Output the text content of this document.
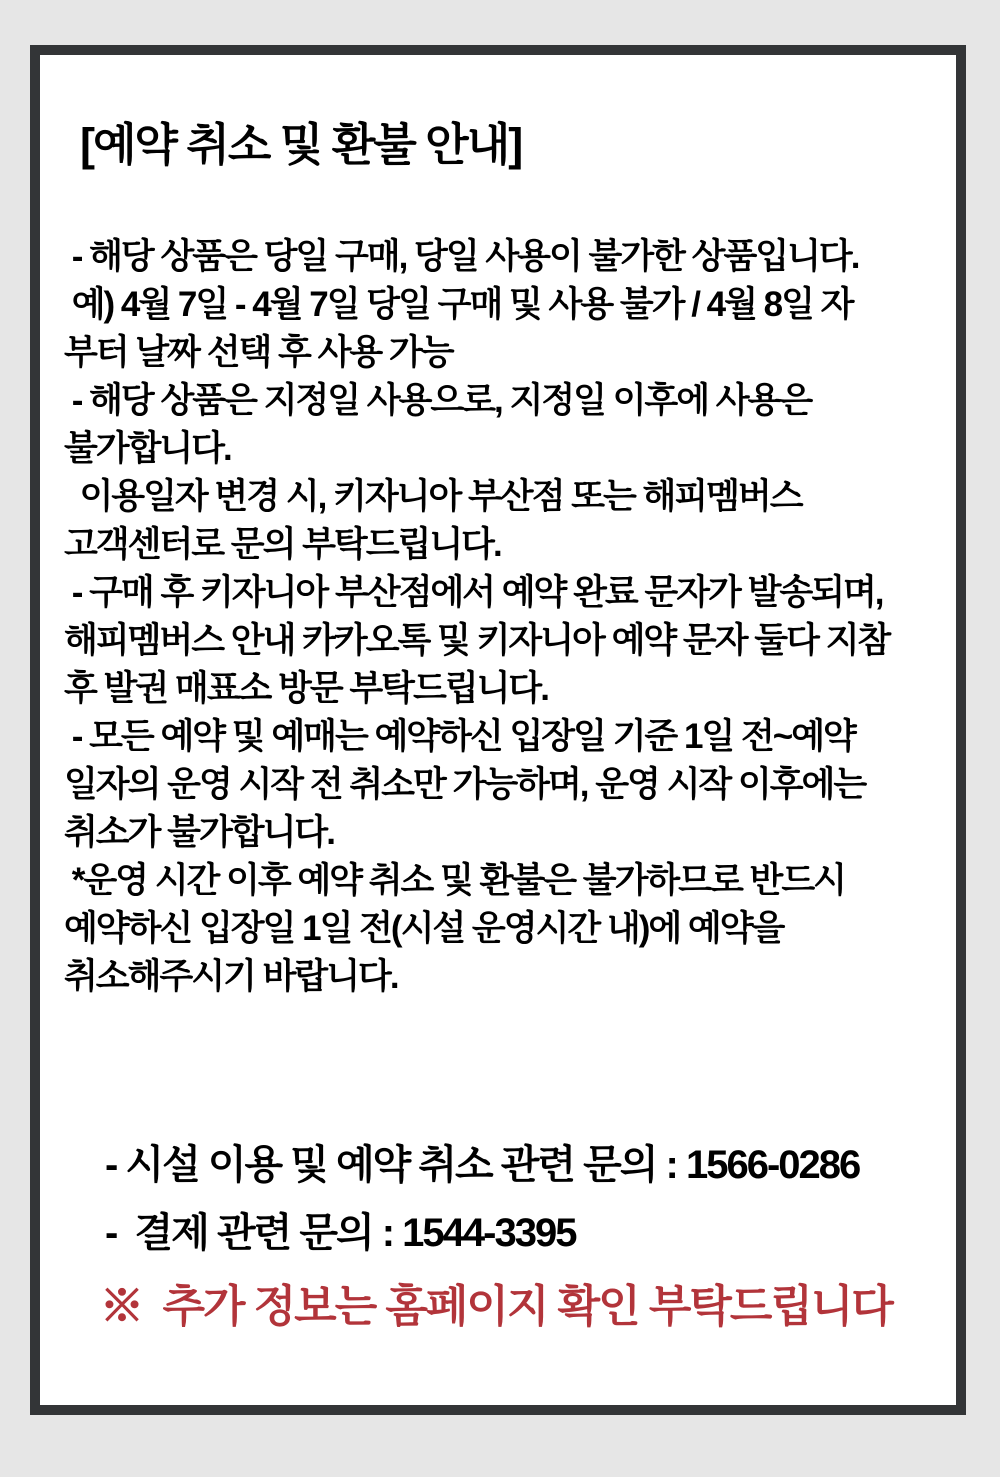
[예약 취소 및 환불 안내]
- 해당 상품은 당일 구매, 당일 사용이 불가한 상품입니다.
예) 4월 7일 - 4월 7일 당일 구매 및 사용 불가 / 4월 8일 자
부터 날짜 선택 후 사용 가능
- 해당 상품은 지정일 사용으로, 지정일 이후에 사용은
불가합니다.
이용일자 변경 시, 키자니아 부산점 또는 해피멤버스
고객센터로 문의 부탁드립니다.
- 구매 후 키자니아 부산점에서 예약 완료 문자가 발송되며,
해피멤버스 안내 카카오톡 및 키자니아 예약 문자 둘다 지참
후 발권 매표소 방문 부탁드립니다.
- 모든 예약 및 예매는 예약하신 입장일 기준 1일 전~예약
일자의 운영 시작 전 취소만 가능하며, 운영 시작 이후에는
취소가 불가합니다.
*운영 시간 이후 예약 취소 및 환불은 불가하므로 반드시
예약하신 입장일 1일 전(시설 운영시간 내)에 예약을
취소해주시기 바랍니다.
- 시설 이용 및 예약 취소 관련 문의 : 1566-0286
-  결제 관련 문의 : 1544-3395
※  추가 정보는 홈페이지 확인 부탁드립니다
